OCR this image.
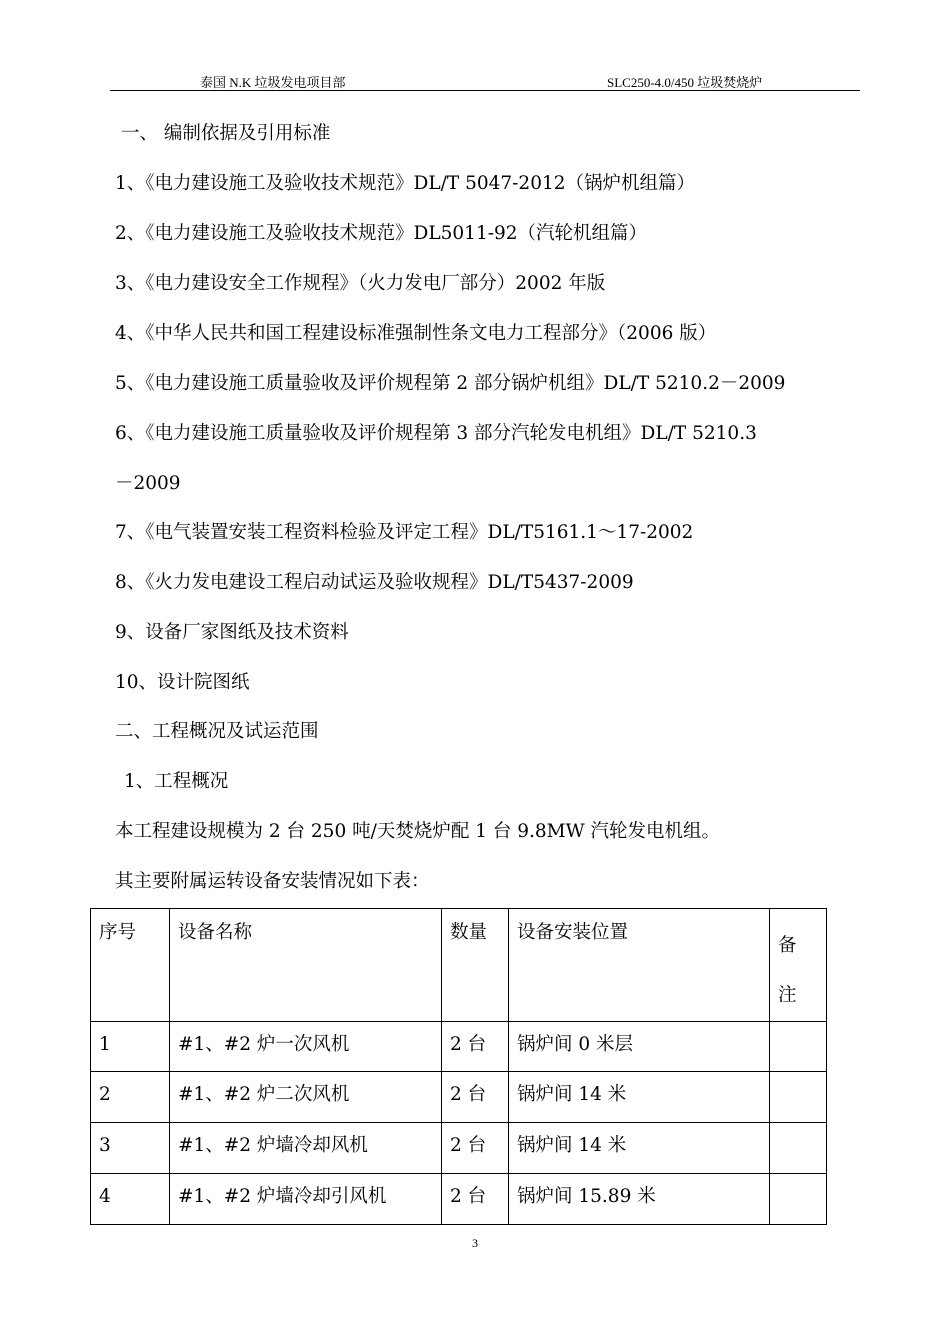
泰国 N.K 垃圾发电项目部	SLC250-4.0/450 垃圾焚烧炉
一、 编制依据及引用标准
1、《电力建设施工及验收技术规范》DL/T 5047-2012（锅炉机组篇）
2、《电力建设施工及验收技术规范》DL5011-92（汽轮机组篇）
3、《电力建设安全工作规程》（火力发电厂部分）2002 年版
4、《中华人民共和国工程建设标准强制性条文电力工程部分》（2006 版）
5、《电力建设施工质量验收及评价规程第 2 部分锅炉机组》DL/T 5210.2－2009
6、《电力建设施工质量验收及评价规程第 3 部分汽轮发电机组》DL/T 5210.3
－2009
7、《电气装置安装工程资料检验及评定工程》DL/T5161.1～17-2002
8、《火力发电建设工程启动试运及验收规程》DL/T5437-2009
9、设备厂家图纸及技术资料
10、设计院图纸
二、工程概况及试运范围
1、工程概况
本工程建设规模为 2 台 250 吨/天焚烧炉配 1 台 9.8MW 汽轮发电机组。
其主要附属运转设备安装情况如下表：
序号	设备名称	数量	设备安装位置	备
注
1	#1、#2 炉一次风机	2 台	锅炉间 0 米层	
2	#1、#2 炉二次风机	2 台	锅炉间 14 米	
3	#1、#2 炉墙冷却风机	2 台	锅炉间 14 米	
4	#1、#2 炉墙冷却引风机	2 台	锅炉间 15.89 米	
3
